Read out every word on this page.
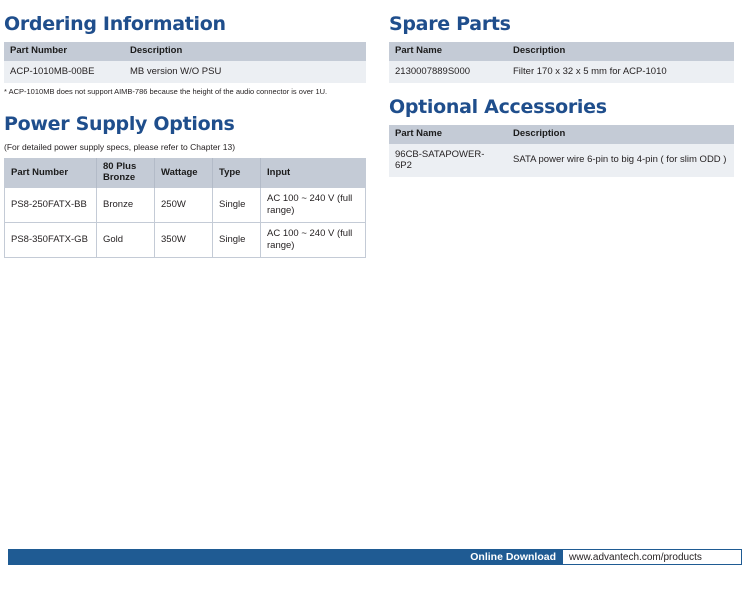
Ordering Information
Part Number	Description
ACP-1010MB-00BE	MB version W/O PSU
* ACP-1010MB does not support AIMB-786 because the height of the audio connector is over 1U.
Power Supply Options
(For detailed power supply specs, please refer to Chapter 13)
Part Number	80 Plus Bronze	Wattage	Type	Input
PS8-250FATX-BB	Bronze	250W	Single	AC 100 ~ 240 V (full range)
PS8-350FATX-GB	Gold	350W	Single	AC 100 ~ 240 V (full range)
Spare Parts
Part Name	Description
2130007889S000	Filter 170 x 32 x 5 mm for ACP-1010
Optional Accessories
Part Name	Description
96CB-SATAPOWER-6P2	SATA power wire 6-pin to big 4-pin ( for slim ODD )
Online Download	www.advantech.com/products
